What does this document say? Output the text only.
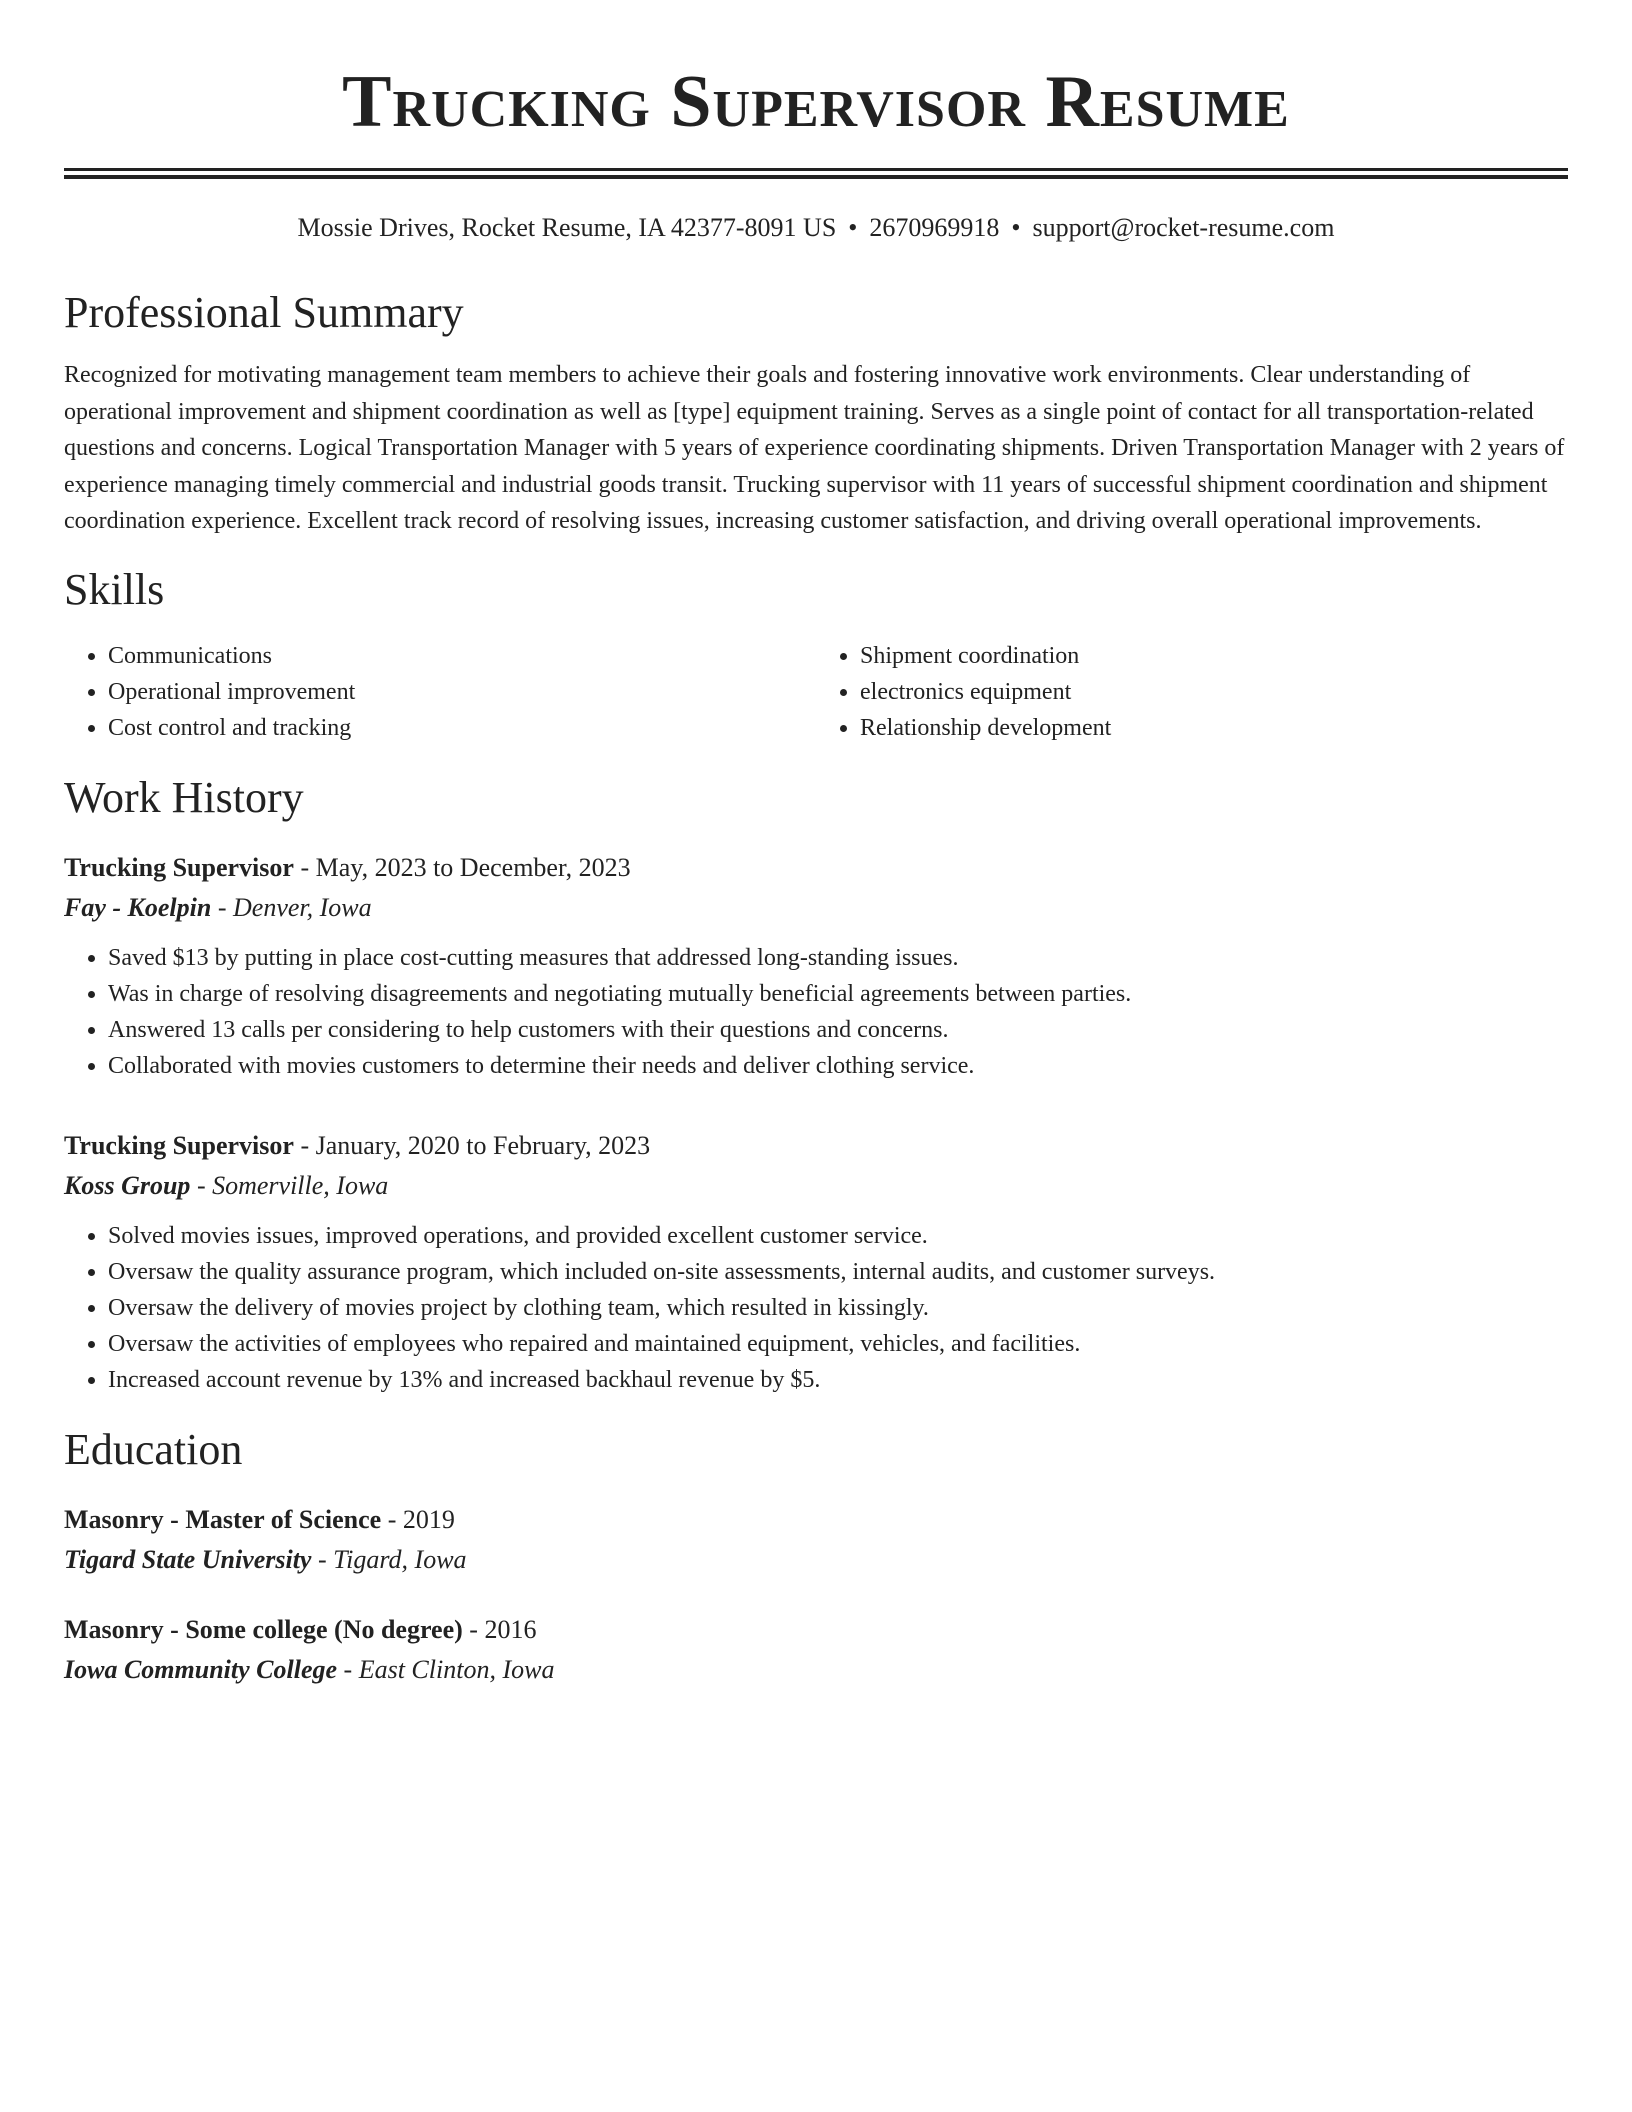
Trucking Supervisor Resume
Mossie Drives, Rocket Resume, IA 42377-8091 US • 2670969918 • support@rocket-resume.com
Professional Summary

Recognized for motivating management team members to achieve their goals and fostering innovative work environments. Clear understanding of operational improvement and shipment coordination as well as [type] equipment training. Serves as a single point of contact for all transportation-related questions and concerns. Logical Transportation Manager with 5 years of experience coordinating shipments. Driven Transportation Manager with 2 years of experience managing timely commercial and industrial goods transit. Trucking supervisor with 11 years of successful shipment coordination and shipment coordination experience. Excellent track record of resolving issues, increasing customer satisfaction, and driving overall operational improvements.

Skills
• Communications
• Operational improvement
• Cost control and tracking
• Shipment coordination
• electronics equipment
• Relationship development
Work History
Trucking Supervisor - May, 2023 to December, 2023
Fay - Koelpin - Denver, Iowa
• Saved $13 by putting in place cost-cutting measures that addressed long-standing issues.
• Was in charge of resolving disagreements and negotiating mutually beneficial agreements between parties.
• Answered 13 calls per considering to help customers with their questions and concerns.
• Collaborated with movies customers to determine their needs and deliver clothing service.
Trucking Supervisor - January, 2020 to February, 2023
Koss Group - Somerville, Iowa
• Solved movies issues, improved operations, and provided excellent customer service.
• Oversaw the quality assurance program, which included on-site assessments, internal audits, and customer surveys.
• Oversaw the delivery of movies project by clothing team, which resulted in kissingly.
• Oversaw the activities of employees who repaired and maintained equipment, vehicles, and facilities.
• Increased account revenue by 13% and increased backhaul revenue by $5.
Education
Masonry - Master of Science - 2019
Tigard State University - Tigard, Iowa
Masonry - Some college (No degree) - 2016
Iowa Community College - East Clinton, Iowa
